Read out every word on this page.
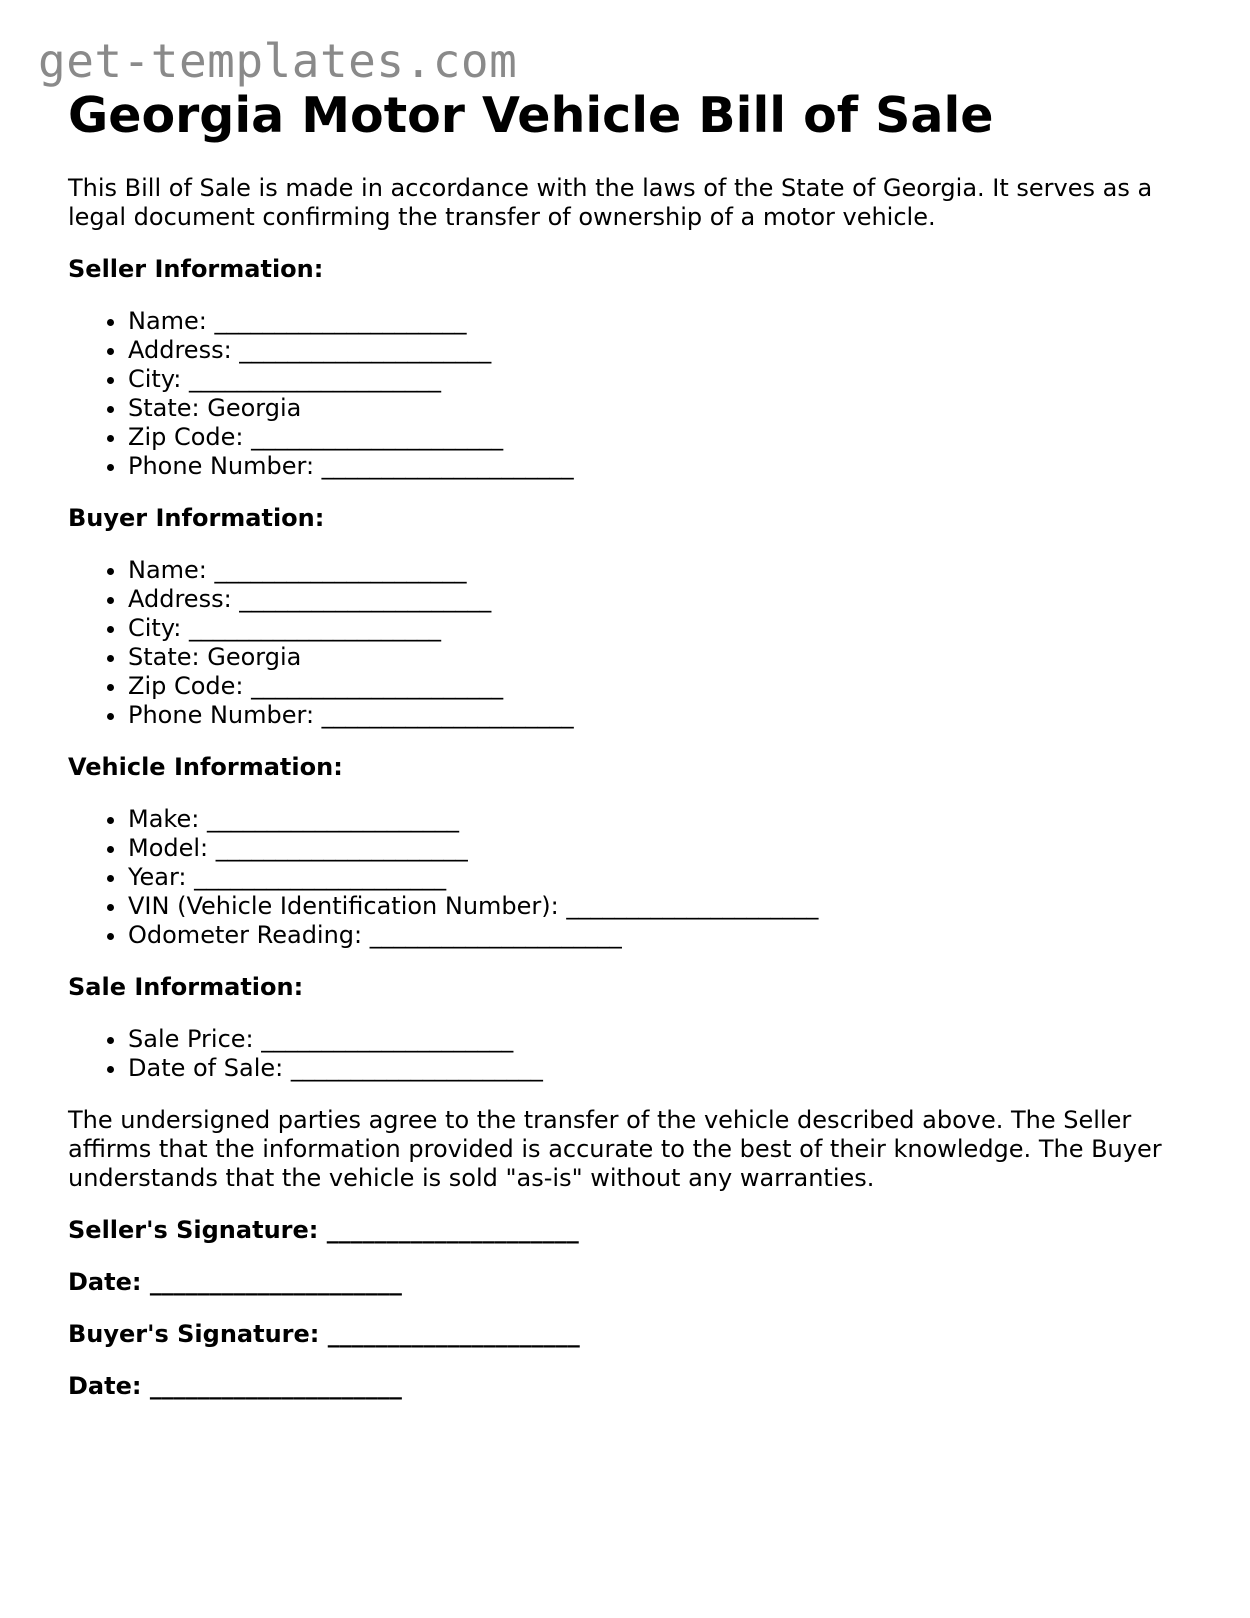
get-templates.com
Georgia Motor Vehicle Bill of Sale

This Bill of Sale is made in accordance with the laws of the State of Georgia. It serves as a legal document confirming the transfer of ownership of a motor vehicle.

Seller Information:
• Name: _____________________
• Address: _____________________
• City: _____________________
• State: Georgia
• Zip Code: _____________________
• Phone Number: _____________________
Buyer Information:
• Name: _____________________
• Address: _____________________
• City: _____________________
• State: Georgia
• Zip Code: _____________________
• Phone Number: _____________________
Vehicle Information:
• Make: _____________________
• Model: _____________________
• Year: _____________________
• VIN (Vehicle Identification Number): _____________________
• Odometer Reading: _____________________
Sale Information:
• Sale Price: _____________________
• Date of Sale: _____________________

The undersigned parties agree to the transfer of the vehicle described above. The Seller affirms that the information provided is accurate to the best of their knowledge. The Buyer understands that the vehicle is sold "as-is" without any warranties.

Seller's Signature: _____________________
Date: _____________________
Buyer's Signature: _____________________
Date: _____________________
